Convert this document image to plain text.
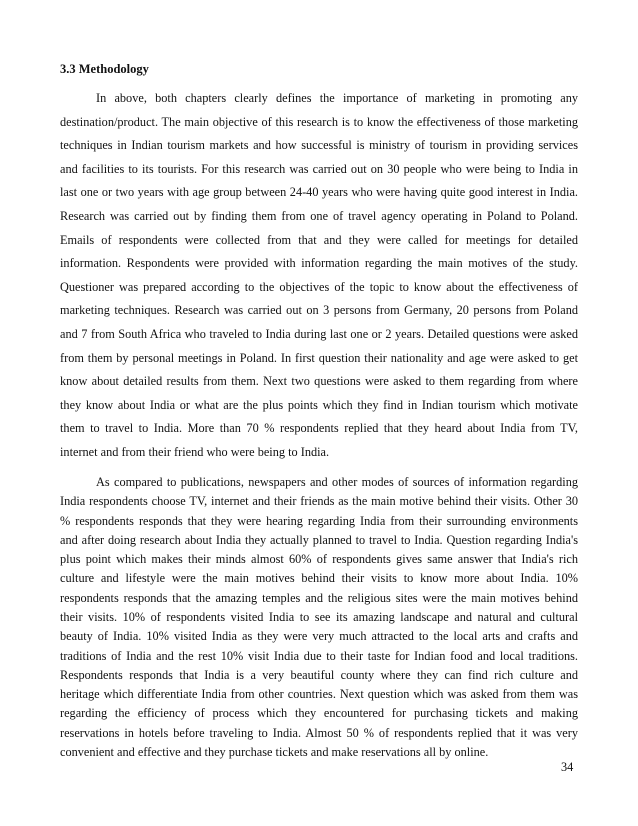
3.3 Methodology
In above, both chapters clearly defines the importance of marketing in promoting any
destination/product. The main objective of this research is to know the effectiveness of those marketing
techniques in Indian tourism markets and how successful is ministry of tourism in providing services
and facilities to its tourists. For this research was carried out on 30 people who were being to India in
last one or two years with age group between 24-40 years who were having quite good interest in India.
Research was carried out by finding them from one of travel agency operating in Poland to Poland.
Emails of respondents were collected from that and they were called for meetings for detailed
information. Respondents were provided with information regarding the main motives of the study.
Questioner was prepared according to the objectives of the topic to know about the effectiveness of
marketing techniques. Research was carried out on 3 persons from Germany, 20 persons from Poland
and 7 from South Africa who traveled to India during last one or 2 years. Detailed questions were asked
from them by personal meetings in Poland. In first question their nationality and age were asked to get
know about detailed results from them. Next two questions were asked to them regarding from where
they know about India or what are the plus points which they find in Indian tourism which motivate
them to travel to India. More than 70 % respondents replied that they heard about India from TV,
internet and from their friend who were being to India.
As compared to publications, newspapers and other modes of sources of information regarding
India respondents choose TV, internet and their friends as the main motive behind their visits. Other 30
% respondents responds that they were hearing regarding India from their surrounding environments
and after doing research about India they actually planned to travel to India. Question regarding India's
plus point which makes their minds almost 60% of respondents gives same answer that India's rich
culture and lifestyle were the main motives behind their visits to know more about India. 10%
respondents responds that the amazing temples and the religious sites were the main motives behind
their visits. 10% of respondents visited India to see its amazing landscape and natural and cultural
beauty of India. 10% visited India as they were very much attracted to the local arts and crafts and
traditions of India and the rest 10% visit India due to their taste for Indian food and local traditions.
Respondents responds that India is a very beautiful county where they can find rich culture and
heritage which differentiate India from other countries. Next question which was asked from them was
regarding the efficiency of process which they encountered for purchasing tickets and making
reservations in hotels before traveling to India. Almost 50 % of respondents replied that it was very
convenient and effective and they purchase tickets and make reservations all by online.
34
